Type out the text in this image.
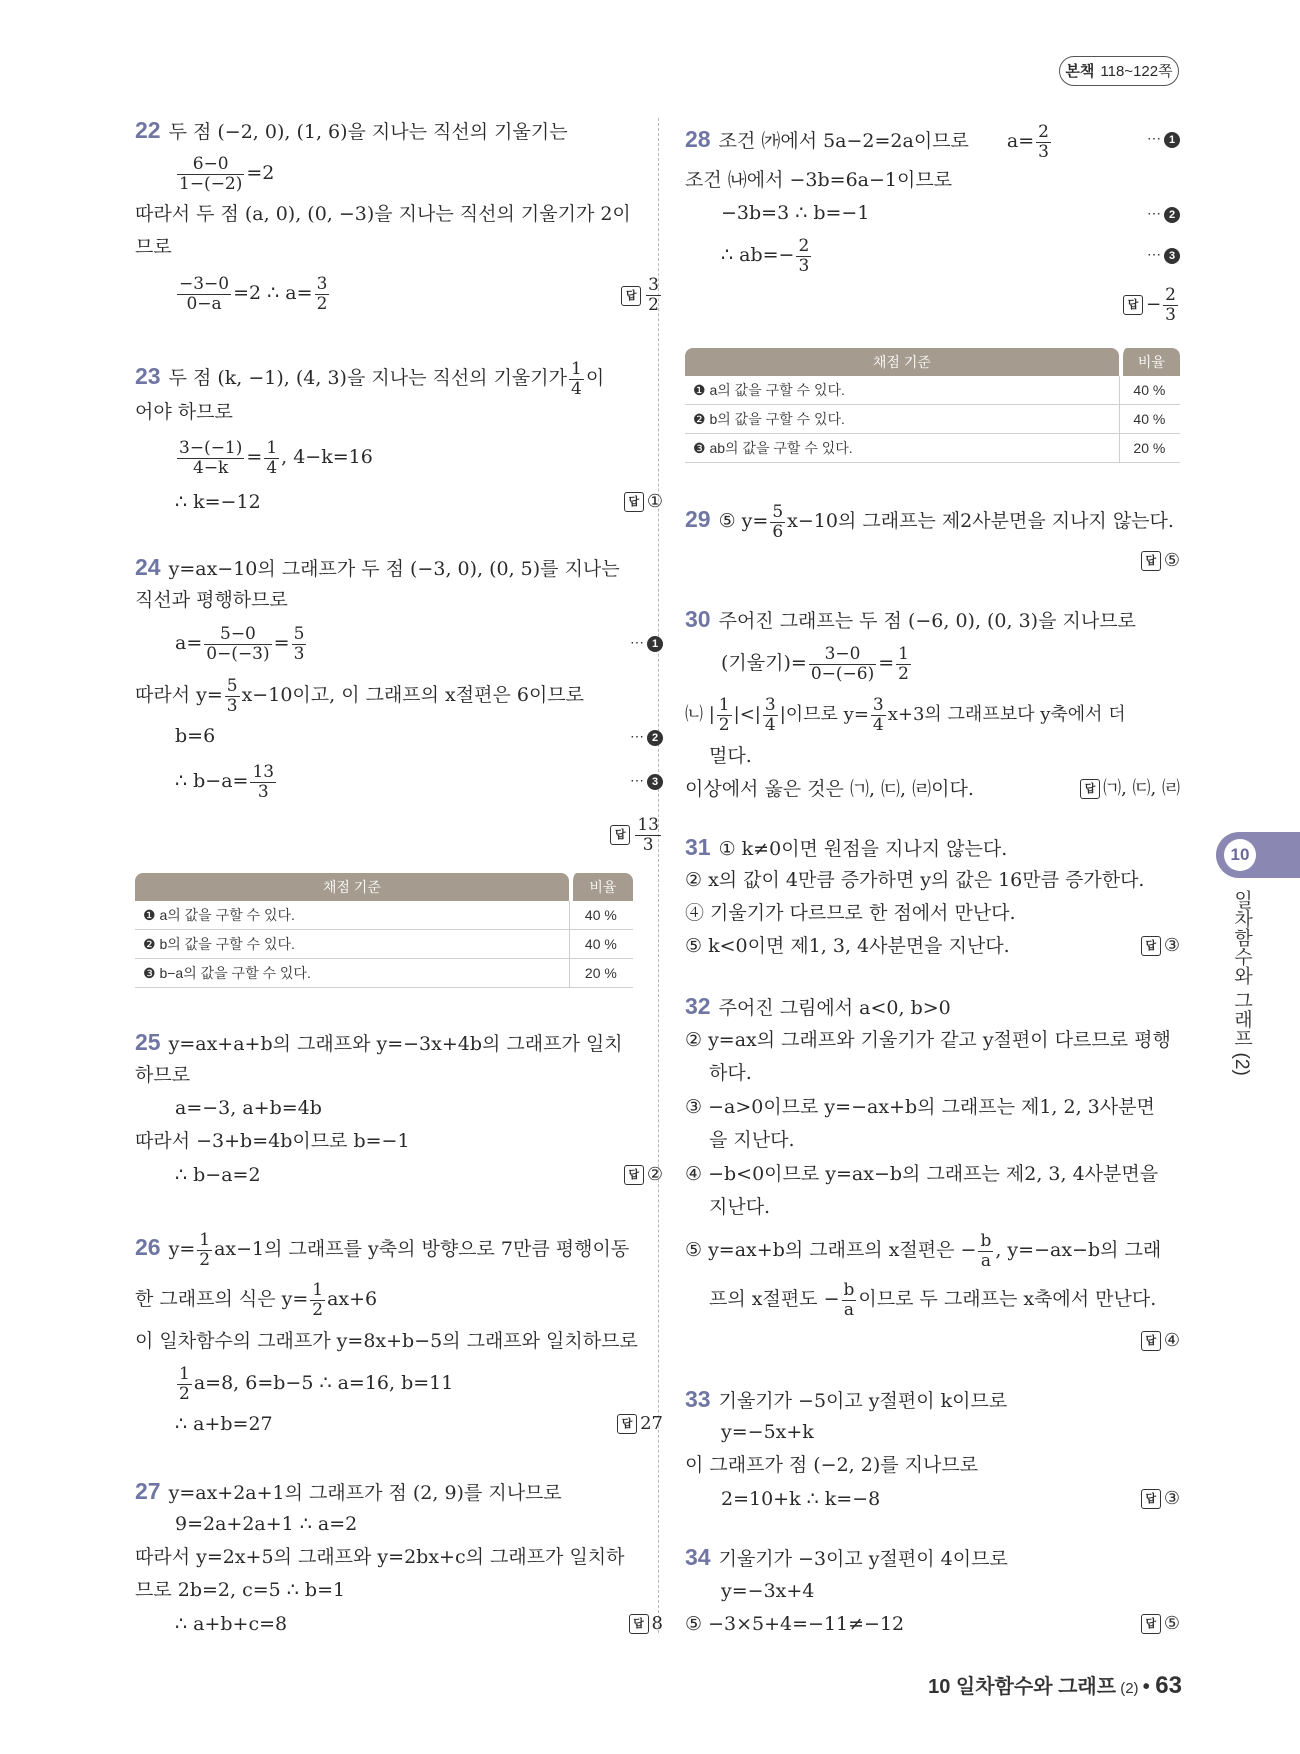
본책 118~122쪽
22 두 점 (−2, 0), (1, 6)을 지나는 직선의 기울기는
$\frac{6-0}{1-(-2)} =2$
따라서 두 점 (a, 0), (0, −3)을 지나는 직선의 기울기가 2이
므로
$\frac{-3-0}{0-a} =2$ ∴ $a= \frac{3}{2}$	답 $\frac{3}{2}$
23 두 점 (k, −1), (4, 3)을 지나는 직선의 기울기가 $\frac{1}{4}$ 이
어야 하므로
$\frac{3-(-1)}{4-k} = \frac{1}{4}$ , 4−k=16
∴ k=−12	답 ①
24 y=ax−10의 그래프가 두 점 (−3, 0), (0, 5)를 지나는
직선과 평행하므로
$a= \frac{5-0}{0-(-3)} = \frac{5}{3}$	⋯ 1
따라서 $y= \frac{5}{3} x-10$이고, 이 그래프의 x절편은 6이므로
b=6	⋯ 2
∴ $b-a= \frac{13}{3}$	⋯ 3
답 $\frac{13}{3}$
채점 기준	비율
❶ a의 값을 구할 수 있다.	40 %
❷ b의 값을 구할 수 있다.	40 %
❸ b−a의 값을 구할 수 있다.	20 %
25 y=ax+a+b의 그래프와 y=−3x+4b의 그래프가 일치
하므로
a=−3, a+b=4b
따라서 −3+b=4b이므로 b=−1
∴ b−a=2	답 ②
26 $y= \frac{1}{2} ax-1$의 그래프를 y축의 방향으로 7만큼 평행이동
한 그래프의 식은 $y= \frac{1}{2} ax+6$
이 일차함수의 그래프가 y=8x+b−5의 그래프와 일치하므로
$\frac{1}{2} a=8$, 6=b−5 ∴ a=16, b=11
∴ a+b=27	답 27
27 y=ax+2a+1의 그래프가 점 (2, 9)를 지나므로
9=2a+2a+1 ∴ a=2
따라서 y=2x+5의 그래프와 y=2bx+c의 그래프가 일치하
므로 2b=2, c=5 ∴ b=1
∴ a+b+c=8	답 8
28 조건 ㈎에서 5a−2=2a이므로 $a= \frac{2}{3}$	⋯ 1
조건 ㈏에서 −3b=6a−1이므로
−3b=3 ∴ b=−1	⋯ 2
∴ $ab=- \frac{2}{3}$	⋯ 3
답 − $\frac{2}{3}$
채점 기준	비율
❶ a의 값을 구할 수 있다.	40 %
❷ b의 값을 구할 수 있다.	40 %
❸ ab의 값을 구할 수 있다.	20 %
29 ⑤ $y= \frac{5}{6} x-10$의 그래프는 제2사분면을 지나지 않는다.
답 ⑤
30 주어진 그래프는 두 점 (−6, 0), (0, 3)을 지나므로
(기울기)= $\frac{3-0}{0-(-6)} = \frac{1}{2}$
㈁ | $\frac{1}{2}$ |<| $\frac{3}{4}$ |이므로 $y= \frac{3}{4} x+3$의 그래프보다 y축에서 더
멀다.
이상에서 옳은 것은 ㈀, ㈂, ㈃이다.	답 ㈀, ㈂, ㈃
31 ① k≠0이면 원점을 지나지 않는다.
② x의 값이 4만큼 증가하면 y의 값은 16만큼 증가한다.
④ 기울기가 다르므로 한 점에서 만난다.
⑤ k<0이면 제1, 3, 4사분면을 지난다.	답 ③
32 주어진 그림에서 a<0, b>0
② y=ax의 그래프와 기울기가 같고 y절편이 다르므로 평행
하다.
③ −a>0이므로 y=−ax+b의 그래프는 제1, 2, 3사분면
을 지난다.
④ −b<0이므로 y=ax−b의 그래프는 제2, 3, 4사분면을
지난다.
⑤ y=ax+b의 그래프의 x절편은 − $\frac{b}{a}$ , y=−ax−b의 그래
프의 x절편도 − $\frac{b}{a}$ 이므로 두 그래프는 x축에서 만난다.
답 ④
33 기울기가 −5이고 y절편이 k이므로
y=−5x+k
이 그래프가 점 (−2, 2)를 지나므로
2=10+k ∴ k=−8	답 ③
34 기울기가 −3이고 y절편이 4이므로
y=−3x+4
⑤ −3×5+4=−11≠−12	답 ⑤
10
일차함수와 그래프 (2)
10 일차함수와 그래프 (2) • 63
